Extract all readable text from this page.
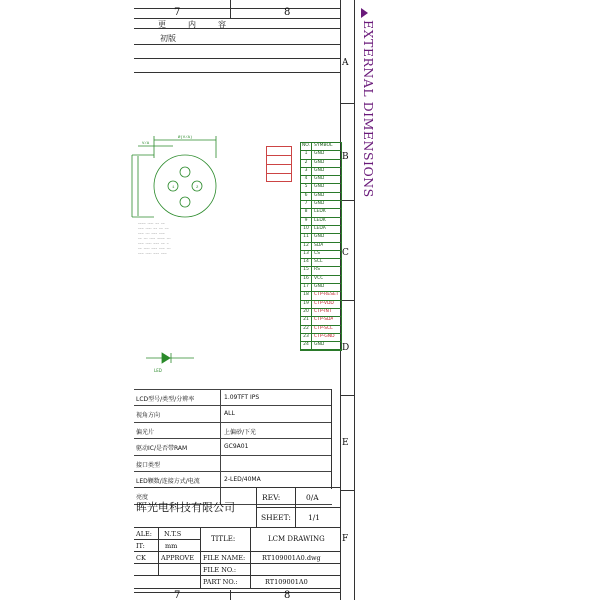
7	8
更　　内　　容
初版
A
B
C
D
E
F
EXTERNAL DIMENSIONS
Ø(V/A)
V/A
1	2
………… ……… …… ……
……… ……… …… …… ……
……… …… ……… ………
…… …… ……… ………… ……
……… ……… ……… …… …
…… ……… ……… ……… ……
……… ……… ……… ………
NO. SYMBOL
1	GND
2	GND
3	GND
4	GND
5	GND
6	GND
7	GND
8	LEDK
9	LEDK
10	LEDA
11	GND
12	SDA
13	CS
14	SCL
15	RS
16	VCC
17	GND
18	CTP-RESET
19	CTP-VDD
20	CTP-INT
21	CTP-SDA
22	CTP-SCL
23	CTP-GND
24	GND
LED
LCD型号/类型/分辨率	1.09TFT IPS
视角方向	ALL
偏光片	上偏砂/下光
驱动IC/是否带RAM	GC9A01
接口类型
LED颗数/连接方式/电流	2-LED/40MA
亮度
晖光电科技有限公司
REV:	0/A
SHEET: 1/1
ALE: N.T.S
IT:	mm
CK APPROVE
TITLE:	LCM DRAWING
FILE NAME:	RT109001A0.dwg
FILE NO.:
PART NO.:	RT109001A0
7	8
